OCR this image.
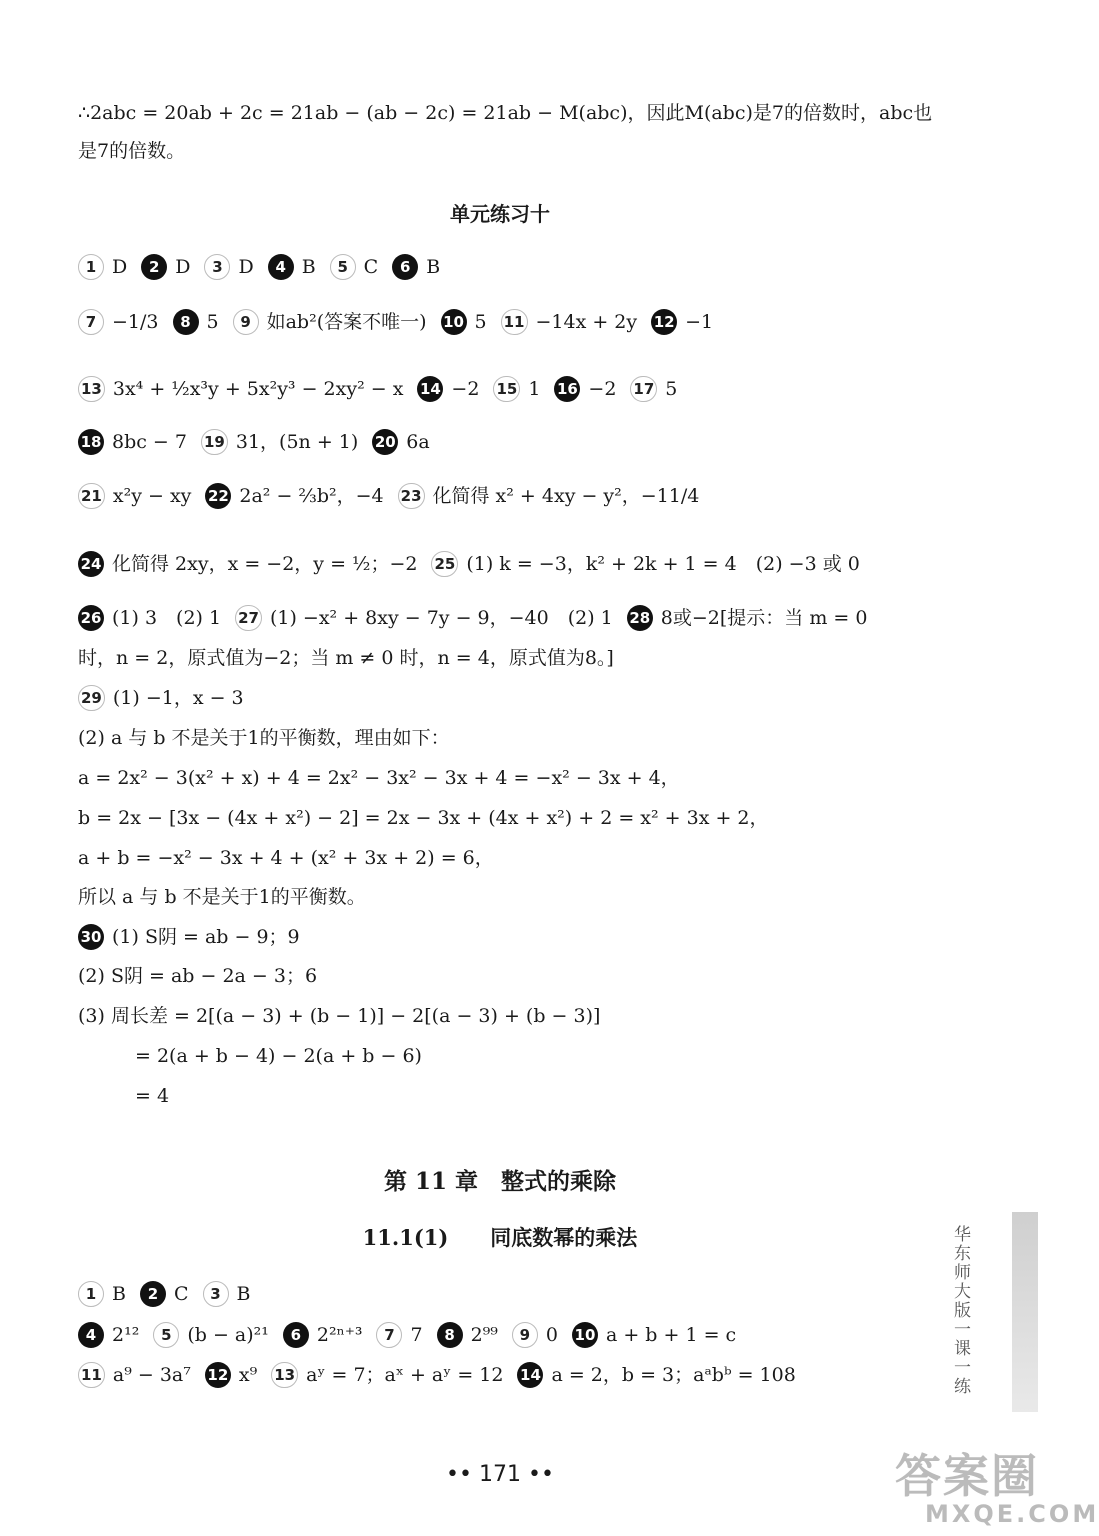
∴2abc = 20ab + 2c = 21ab − (ab − 2c) = 21ab − M(abc)，因此M(abc)是7的倍数时，abc也
是7的倍数。
单元练习十
1 D	2 D	3 D	4 B	5 C	6 B
7 −1/3	8 5	9 如ab²(答案不唯一) 10 5 11 −14x + 2y 12 −1
13 3x⁴ + ½x³y + 5x²y³ − 2xy² − x 14 −2 15 1 16 −2 17 5
18 8bc − 7 19 31，(5n + 1) 20 6a
21 x²y − xy 22 2a² − ⅔b²，−4 23 化简得 x² + 4xy − y²，−11/4
24 化简得 2xy，x = −2，y = ½；−2 25 (1) k = −3，k² + 2k + 1 = 4　(2) −3 或 0
26 (1) 3　(2) 1 27 (1) −x² + 8xy − 7y − 9，−40　(2) 1 28 8或−2[提示：当 m = 0
时，n = 2，原式值为−2；当 m ≠ 0 时，n = 4，原式值为8。]
29 (1) −1，x − 3
(2) a 与 b 不是关于1的平衡数，理由如下：
a = 2x² − 3(x² + x) + 4 = 2x² − 3x² − 3x + 4 = −x² − 3x + 4，
b = 2x − [3x − (4x + x²) − 2] = 2x − 3x + (4x + x²) + 2 = x² + 3x + 2，
a + b = −x² − 3x + 4 + (x² + 3x + 2) = 6，
所以 a 与 b 不是关于1的平衡数。
30 (1) S阴 = ab − 9；9
(2) S阴 = ab − 2a − 3；6
(3) 周长差 = 2[(a − 3) + (b − 1)] − 2[(a − 3) + (b − 3)]
　　　= 2(a + b − 4) − 2(a + b − 6)
　　　= 4
第 11 章　整式的乘除
11.1(1)　　同底数幂的乘法
1 B	2 C	3 B
4 2¹²	5 (b − a)²¹	6 2²ⁿ⁺³	7 7	8 2⁹⁹	9 0 10 a + b + 1 = c
11 a⁹ − 3a⁷ 12 x⁹ 13 aʸ = 7；aˣ + aʸ = 12 14 a = 2，b = 3；aᵃbᵇ = 108	华东师大版一课一练
•• 171 ••	答案圈
MXQE.COM
